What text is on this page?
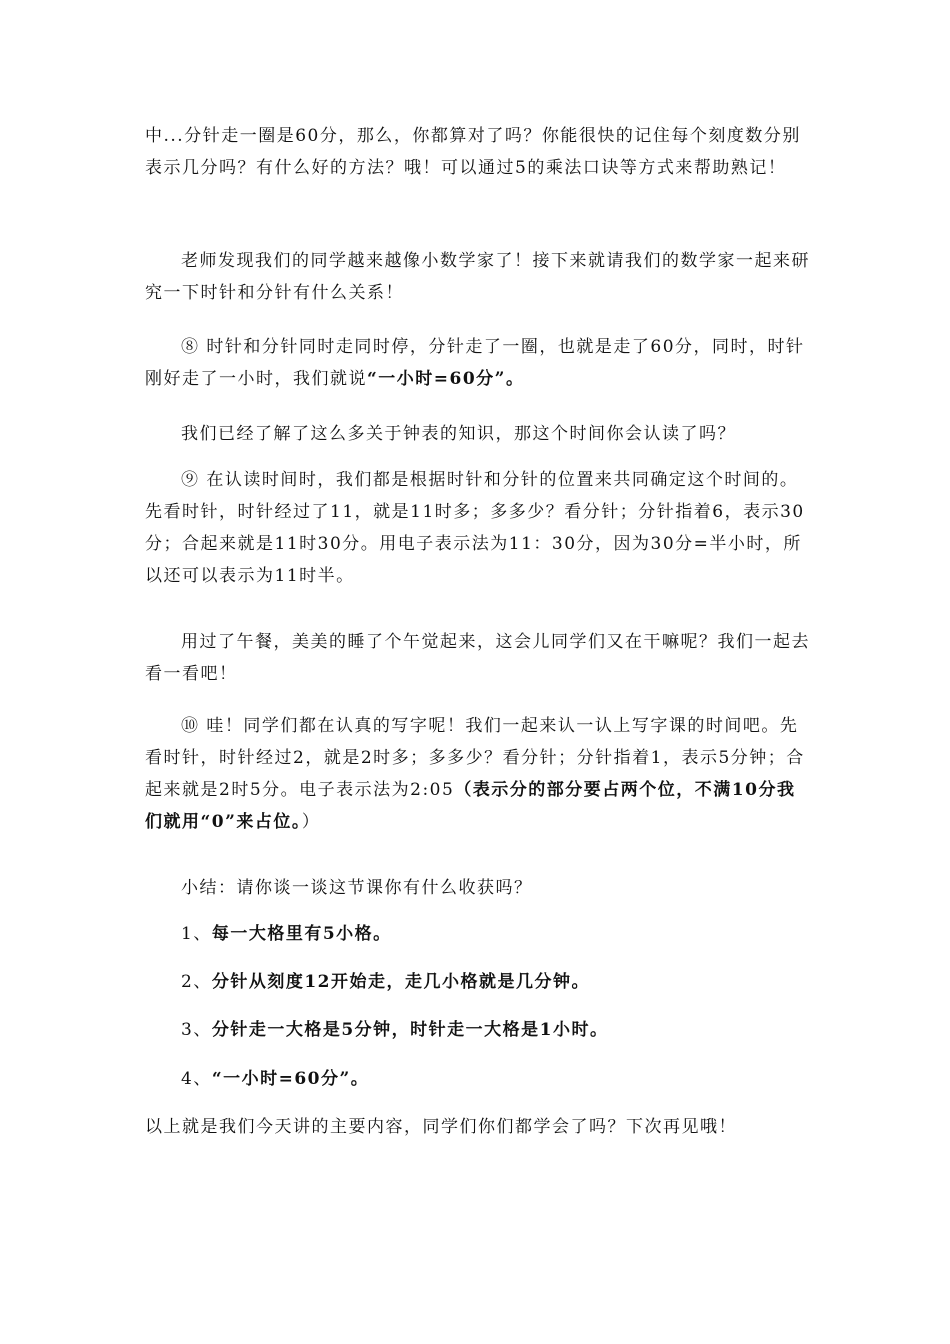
中...分针走一圈是60分，那么，你都算对了吗？你能很快的记住每个刻度数分别表示几分吗？有什么好的方法？哦！可以通过5的乘法口诀等方式来帮助熟记！

老师发现我们的同学越来越像小数学家了！接下来就请我们的数学家一起来研究一下时针和分针有什么关系！

⑧ 时针和分针同时走同时停，分针走了一圈，也就是走了60分，同时，时针刚好走了一小时，我们就说“一小时=60分”。

我们已经了解了这么多关于钟表的知识，那这个时间你会认读了吗？

⑨ 在认读时间时，我们都是根据时针和分针的位置来共同确定这个时间的。先看时针，时针经过了11，就是11时多；多多少？看分针；分针指着6，表示30分；合起来就是11时30分。用电子表示法为11：30分，因为30分=半小时，所以还可以表示为11时半。

用过了午餐，美美的睡了个午觉起来，这会儿同学们又在干嘛呢？我们一起去看一看吧！

⑩ 哇！同学们都在认真的写字呢！我们一起来认一认上写字课的时间吧。先看时针，时针经过2，就是2时多；多多少？看分针；分针指着1，表示5分钟；合起来就是2时5分。电子表示法为2:05（表示分的部分要占两个位，不满10分我们就用“0”来占位。）

小结：请你谈一谈这节课你有什么收获吗？

1、每一大格里有5小格。

2、分针从刻度12开始走，走几小格就是几分钟。

3、分针走一大格是5分钟，时针走一大格是1小时。

4、“一小时=60分”。

以上就是我们今天讲的主要内容，同学们你们都学会了吗？下次再见哦！
